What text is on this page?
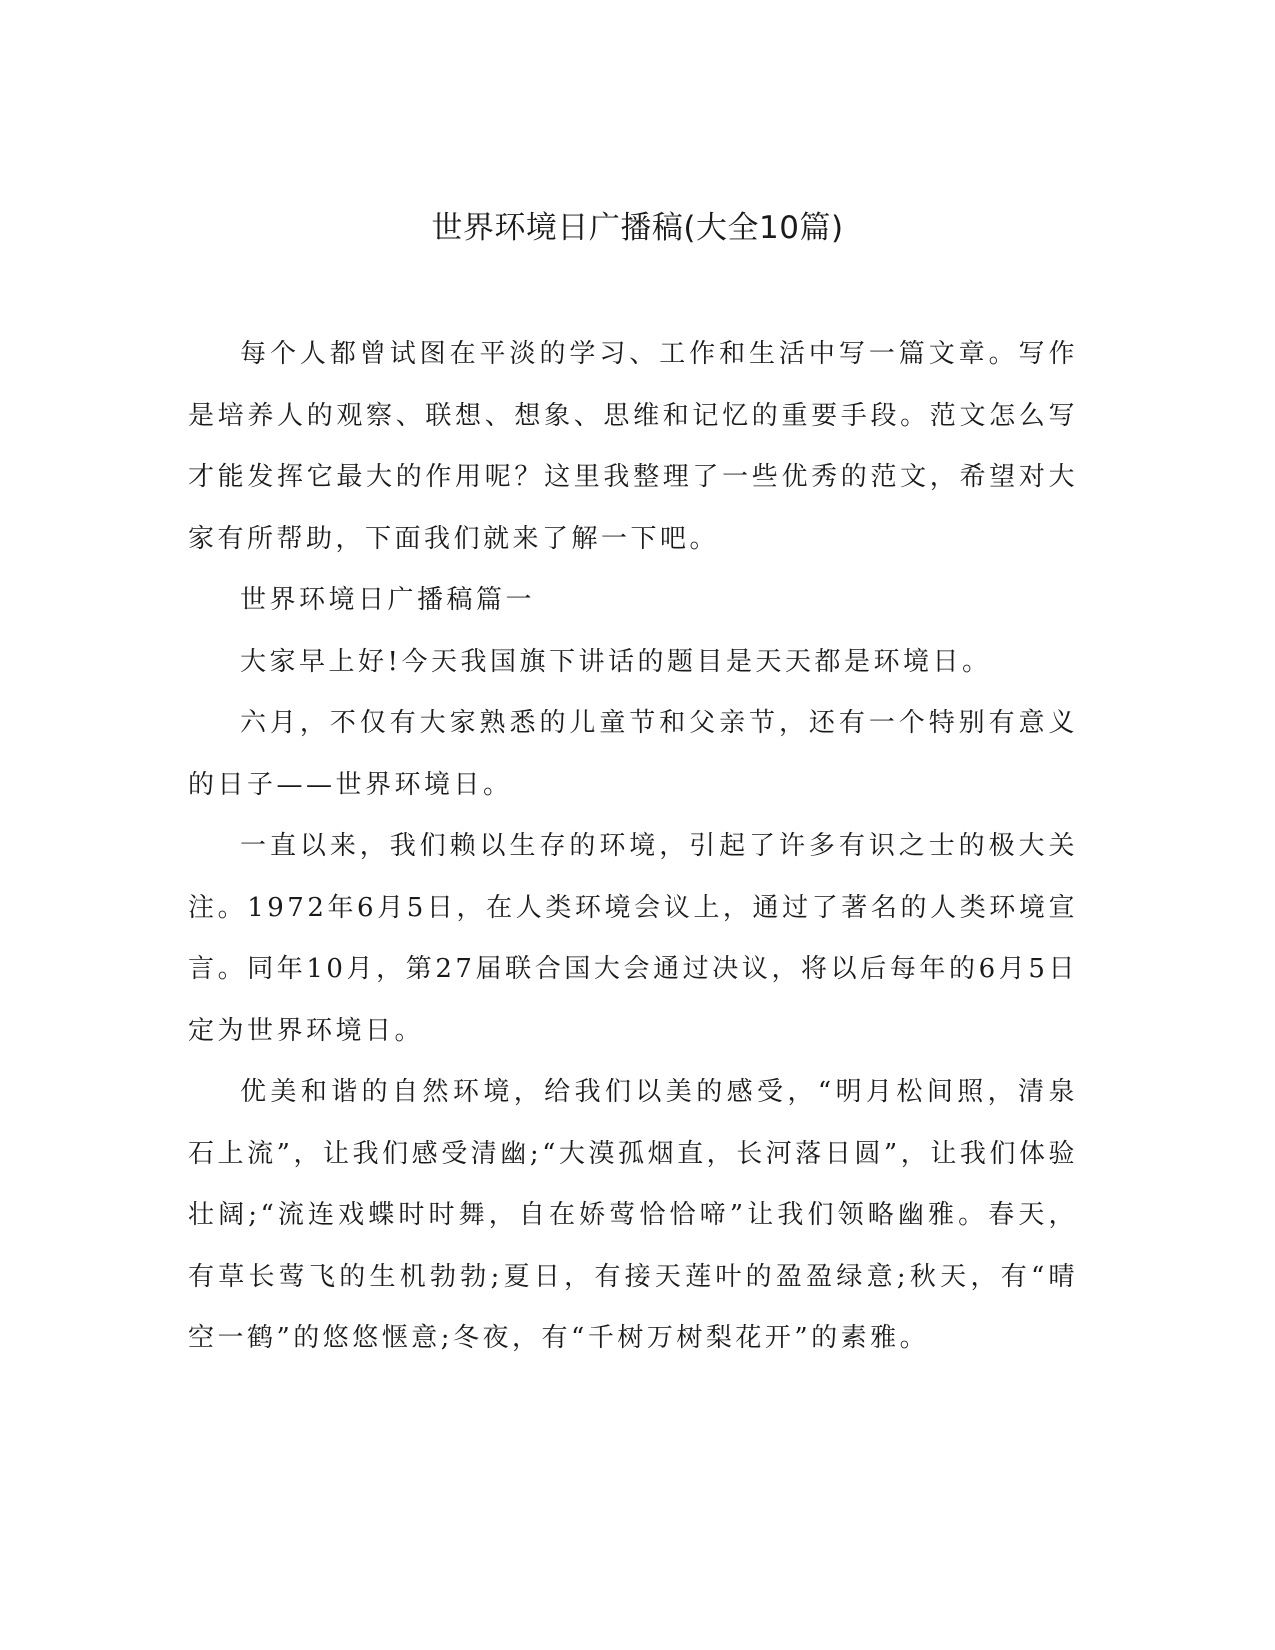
世界环境日广播稿(大全10篇)

每个人都曾试图在平淡的学习、工作和生活中写一篇文章。写作是培养人的观察、联想、想象、思维和记忆的重要手段。范文怎么写才能发挥它最大的作用呢？这里我整理了一些优秀的范文，希望对大家有所帮助，下面我们就来了解一下吧。

世界环境日广播稿篇一

大家早上好!今天我国旗下讲话的题目是天天都是环境日。

六月，不仅有大家熟悉的儿童节和父亲节，还有一个特别有意义的日子——世界环境日。

一直以来，我们赖以生存的环境，引起了许多有识之士的极大关注。1972年6月5日，在人类环境会议上，通过了著名的人类环境宣言。同年10月，第27届联合国大会通过决议，将以后每年的6月5日定为世界环境日。

优美和谐的自然环境，给我们以美的感受，“明月松间照，清泉石上流”，让我们感受清幽;“大漠孤烟直，长河落日圆”，让我们体验壮阔;“流连戏蝶时时舞，自在娇莺恰恰啼”让我们领略幽雅。春天，有草长莺飞的生机勃勃;夏日，有接天莲叶的盈盈绿意;秋天，有“晴空一鹤”的悠悠惬意;冬夜，有“千树万树梨花开”的素雅。
